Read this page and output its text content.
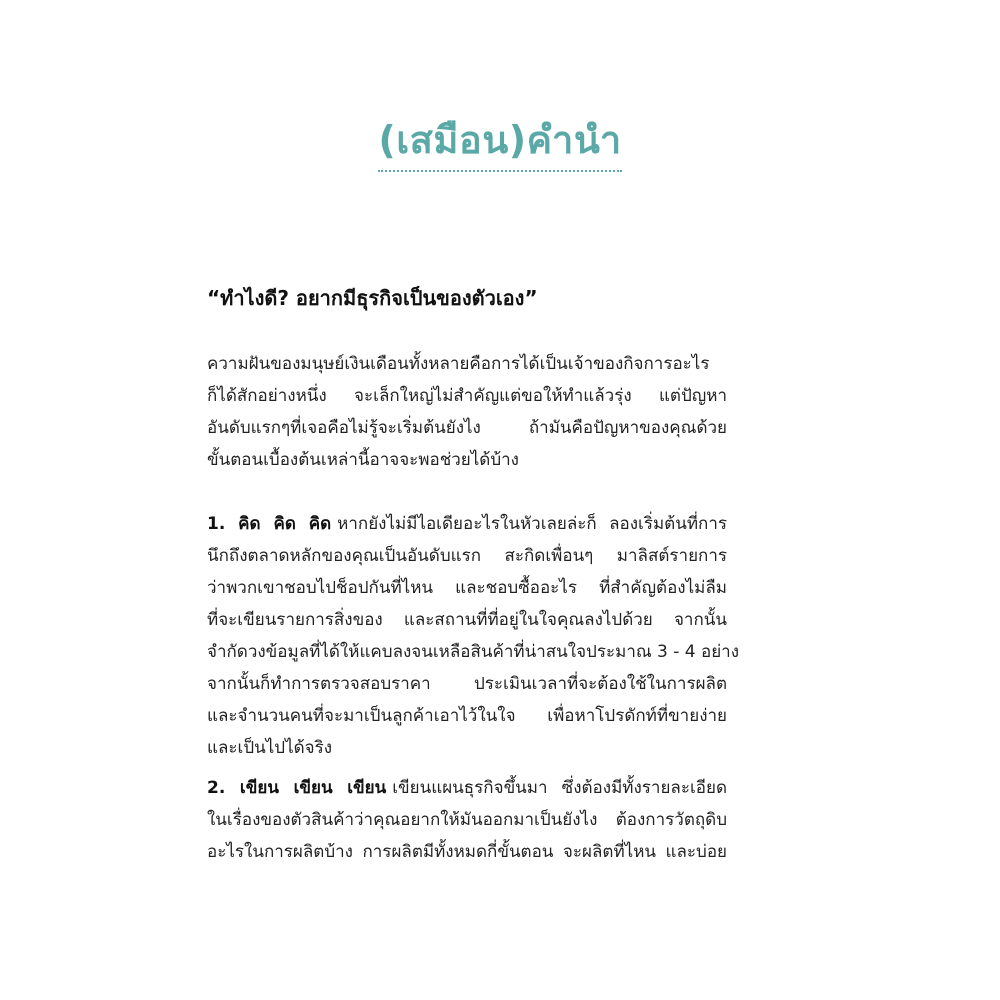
(เสมือน)คำนำ
“ทำไงดี? อยากมีธุรกิจเป็นของตัวเอง”
ความฝันของมนุษย์เงินเดือนทั้งหลายคือการได้เป็นเจ้าของกิจการอะไร
ก็ได้สักอย่างหนึ่ง จะเล็กใหญ่ไม่สำคัญแต่ขอให้ทำแล้วรุ่ง แต่ปัญหา
อันดับแรกๆที่เจอคือไม่รู้จะเริ่มต้นยังไง ถ้ามันคือปัญหาของคุณด้วย
ขั้นตอนเบื้องต้นเหล่านี้อาจจะพอช่วยได้บ้าง
1. คิด คิด คิด หากยังไม่มีไอเดียอะไรในหัวเลยล่ะก็ ลองเริ่มต้นที่การ
นึกถึงตลาดหลักของคุณเป็นอันดับแรก สะกิดเพื่อนๆ มาลิสต์รายการ
ว่าพวกเขาชอบไปช็อปกันที่ไหน และชอบซื้ออะไร ที่สำคัญต้องไม่ลืม
ที่จะเขียนรายการสิ่งของ และสถานที่ที่อยู่ในใจคุณลงไปด้วย จากนั้น
จำกัดวงข้อมูลที่ได้ให้แคบลงจนเหลือสินค้าที่น่าสนใจประมาณ 3 - 4 อย่าง
จากนั้นก็ทำการตรวจสอบราคา ประเมินเวลาที่จะต้องใช้ในการผลิต
และจำนวนคนที่จะมาเป็นลูกค้าเอาไว้ในใจ เพื่อหาโปรดักท์ที่ขายง่าย
และเป็นไปได้จริง
2. เขียน เขียน เขียน เขียนแผนธุรกิจขึ้นมา ซึ่งต้องมีทั้งรายละเอียด
ในเรื่องของตัวสินค้าว่าคุณอยากให้มันออกมาเป็นยังไง ต้องการวัตถุดิบ
อะไรในการผลิตบ้าง การผลิตมีทั้งหมดกี่ขั้นตอน จะผลิตที่ไหน และบ่อย
